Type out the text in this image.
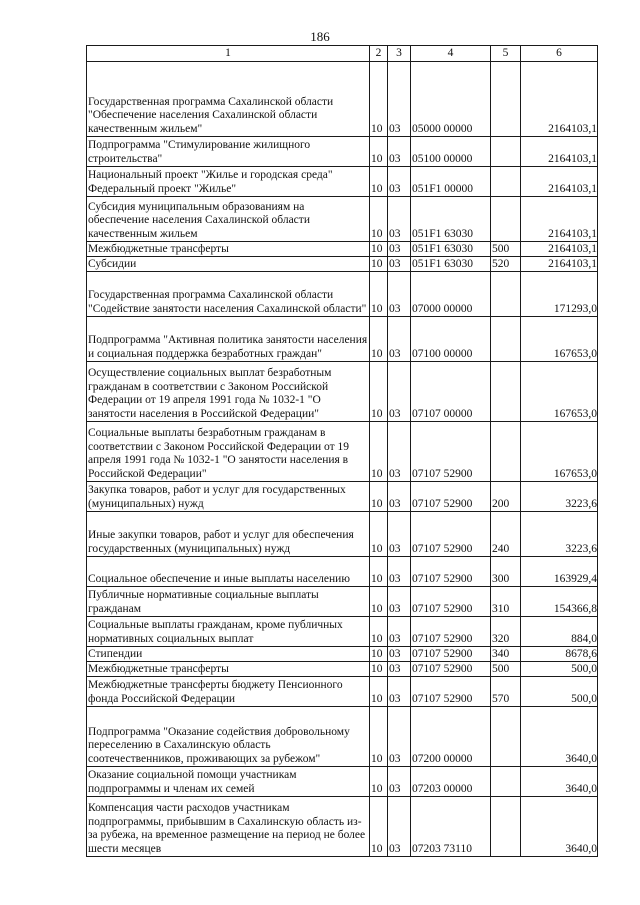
186
1	2	3	4	5	6
Государственная программа Сахалинской области "Обеспечение населения Сахалинской области качественным жильем"	10	03	05000 00000		2164103,1
Подпрограмма "Стимулирование жилищного строительства"	10	03	05100 00000		2164103,1
Национальный проект "Жилье и городская среда" Федеральный проект "Жилье"	10	03	051F1 00000		2164103,1
Субсидия муниципальным образованиям на обеспечение населения Сахалинской области качественным жильем	10	03	051F1 63030		2164103,1
Межбюджетные трансферты	10	03	051F1 63030	500	2164103,1
Субсидии	10	03	051F1 63030	520	2164103,1
Государственная программа Сахалинской области "Содействие занятости населения Сахалинской области"	10	03	07000 00000		171293,0
Подпрограмма "Активная политика занятости населения и социальная поддержка безработных граждан"	10	03	07100 00000		167653,0
Осуществление социальных выплат безработным гражданам в соответствии с Законом Российской Федерации от 19 апреля 1991 года № 1032-1 "О занятости населения в Российской Федерации"	10	03	07107 00000		167653,0
Социальные выплаты безработным гражданам в соответствии с Законом Российской Федерации от 19 апреля 1991 года № 1032-1 "О занятости населения в Российской Федерации"	10	03	07107 52900		167653,0
Закупка товаров, работ и услуг для государственных (муниципальных) нужд	10	03	07107 52900	200	3223,6
Иные закупки товаров, работ и услуг для обеспечения государственных (муниципальных) нужд	10	03	07107 52900	240	3223,6
Социальное обеспечение и иные выплаты населению	10	03	07107 52900	300	163929,4
Публичные нормативные социальные выплаты гражданам	10	03	07107 52900	310	154366,8
Социальные выплаты гражданам, кроме публичных нормативных социальных выплат	10	03	07107 52900	320	884,0
Стипендии	10	03	07107 52900	340	8678,6
Межбюджетные трансферты	10	03	07107 52900	500	500,0
Межбюджетные трансферты бюджету Пенсионного фонда Российской Федерации	10	03	07107 52900	570	500,0
Подпрограмма "Оказание содействия добровольному переселению в Сахалинскую область соотечественников, проживающих за рубежом"	10	03	07200 00000		3640,0
Оказание социальной помощи участникам подпрограммы и членам их семей	10	03	07203 00000		3640,0
Компенсация части расходов участникам подпрограммы, прибывшим в Сахалинскую область из-за рубежа, на временное размещение на период не более шести месяцев	10	03	07203 73110		3640,0
